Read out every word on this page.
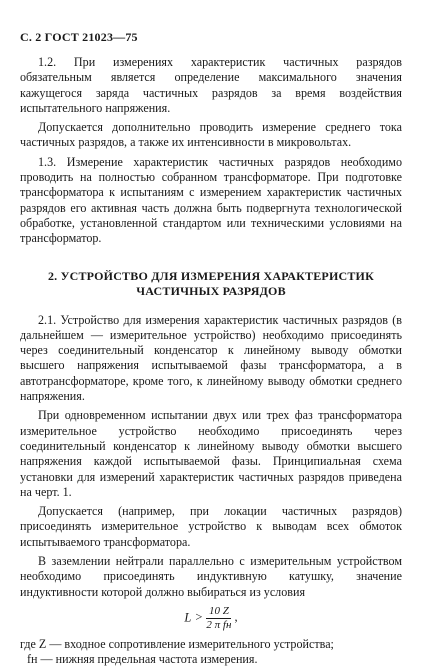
С. 2 ГОСТ 21023—75

1.2. При измерениях характеристик частичных разрядов обязательным является определение максимального значения кажущегося заряда частичных разрядов за время воздействия испытательного напряжения.

Допускается дополнительно проводить измерение среднего тока частичных разрядов, а также их интенсивности в микровольтах.

1.3. Измерение характеристик частичных разрядов необходимо проводить на полностью собранном трансформаторе. При подготовке трансформатора к испытаниям с измерением характеристик частичных разрядов его активная часть должна быть подвергнута технологической обработке, установленной стандартом или техническими условиями на трансформатор.

2. УСТРОЙСТВО ДЛЯ ИЗМЕРЕНИЯ ХАРАКТЕРИСТИК
ЧАСТИЧНЫХ РАЗРЯДОВ

2.1. Устройство для измерения характеристик частичных разрядов (в дальнейшем — измерительное устройство) необходимо присоединять через соединительный конденсатор к линейному выводу обмотки высшего напряжения испытываемой фазы трансформатора, а в автотрансформаторе, кроме того, к линейному выводу обмотки среднего напряжения.

При одновременном испытании двух или трех фаз трансформатора измерительное устройство необходимо присоединять через соединительный конденсатор к линейному выводу обмотки высшего напряжения каждой испытываемой фазы. Принципиальная схема установки для измерений характеристик частичных разрядов приведена на черт. 1.

Допускается (например, при локации частичных разрядов) присоединять измерительное устройство к выводам всех обмоток испытываемого трансформатора.

В заземлении нейтрали параллельно с измерительным устройством необходимо присоединять индуктивную катушку, значение индуктивности которой должно выбираться из условия

$L > \frac{10 Z}{\text{2 π fн}}$ ,

где Z — входное сопротивление измерительного устройства;

fн — нижняя предельная частота измерения.
